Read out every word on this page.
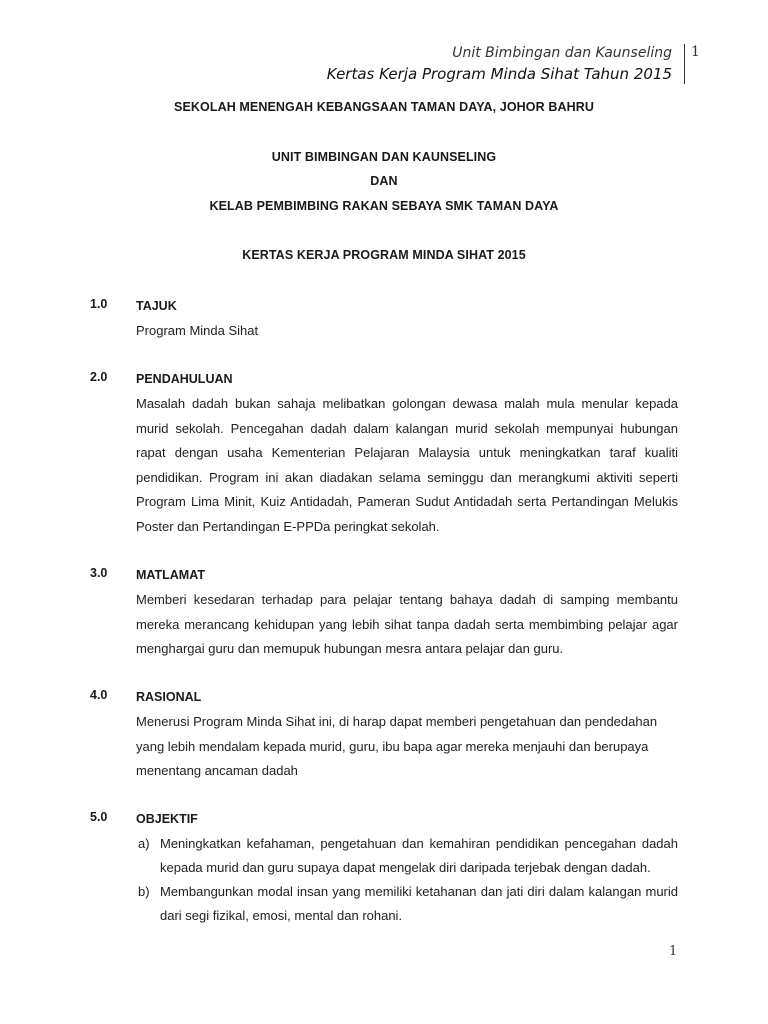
Unit Bimbingan dan Kaunseling
Kertas Kerja Program Minda Sihat Tahun 2015
1
SEKOLAH MENENGAH KEBANGSAAN TAMAN DAYA, JOHOR BAHRU
UNIT BIMBINGAN DAN KAUNSELING
DAN
KELAB PEMBIMBING RAKAN SEBAYA SMK TAMAN DAYA
KERTAS KERJA PROGRAM MINDA SIHAT 2015
1.0 TAJUK
Program Minda Sihat
2.0 PENDAHULUAN
Masalah dadah bukan sahaja melibatkan golongan dewasa malah mula menular kepada murid sekolah. Pencegahan dadah dalam kalangan murid sekolah mempunyai hubungan rapat dengan usaha Kementerian Pelajaran Malaysia untuk meningkatkan taraf kualiti pendidikan. Program ini akan diadakan selama seminggu dan merangkumi aktiviti seperti Program Lima Minit, Kuiz Antidadah, Pameran Sudut Antidadah serta Pertandingan Melukis Poster dan Pertandingan E-PPDa peringkat sekolah.
3.0 MATLAMAT
Memberi kesedaran terhadap para pelajar tentang bahaya dadah di samping membantu mereka merancang kehidupan yang lebih sihat tanpa dadah serta membimbing pelajar agar menghargai guru dan memupuk hubungan mesra antara pelajar dan guru.
4.0 RASIONAL
Menerusi Program Minda Sihat ini, di harap dapat memberi pengetahuan dan pendedahan yang lebih mendalam kepada murid, guru, ibu bapa agar mereka menjauhi dan berupaya menentang ancaman dadah
5.0 OBJEKTIF
a) Meningkatkan kefahaman, pengetahuan dan kemahiran pendidikan pencegahan dadah kepada murid dan guru supaya dapat mengelak diri daripada terjebak dengan dadah.
b) Membangunkan modal insan yang memiliki ketahanan dan jati diri dalam kalangan murid dari segi fizikal, emosi, mental dan rohani.
1
